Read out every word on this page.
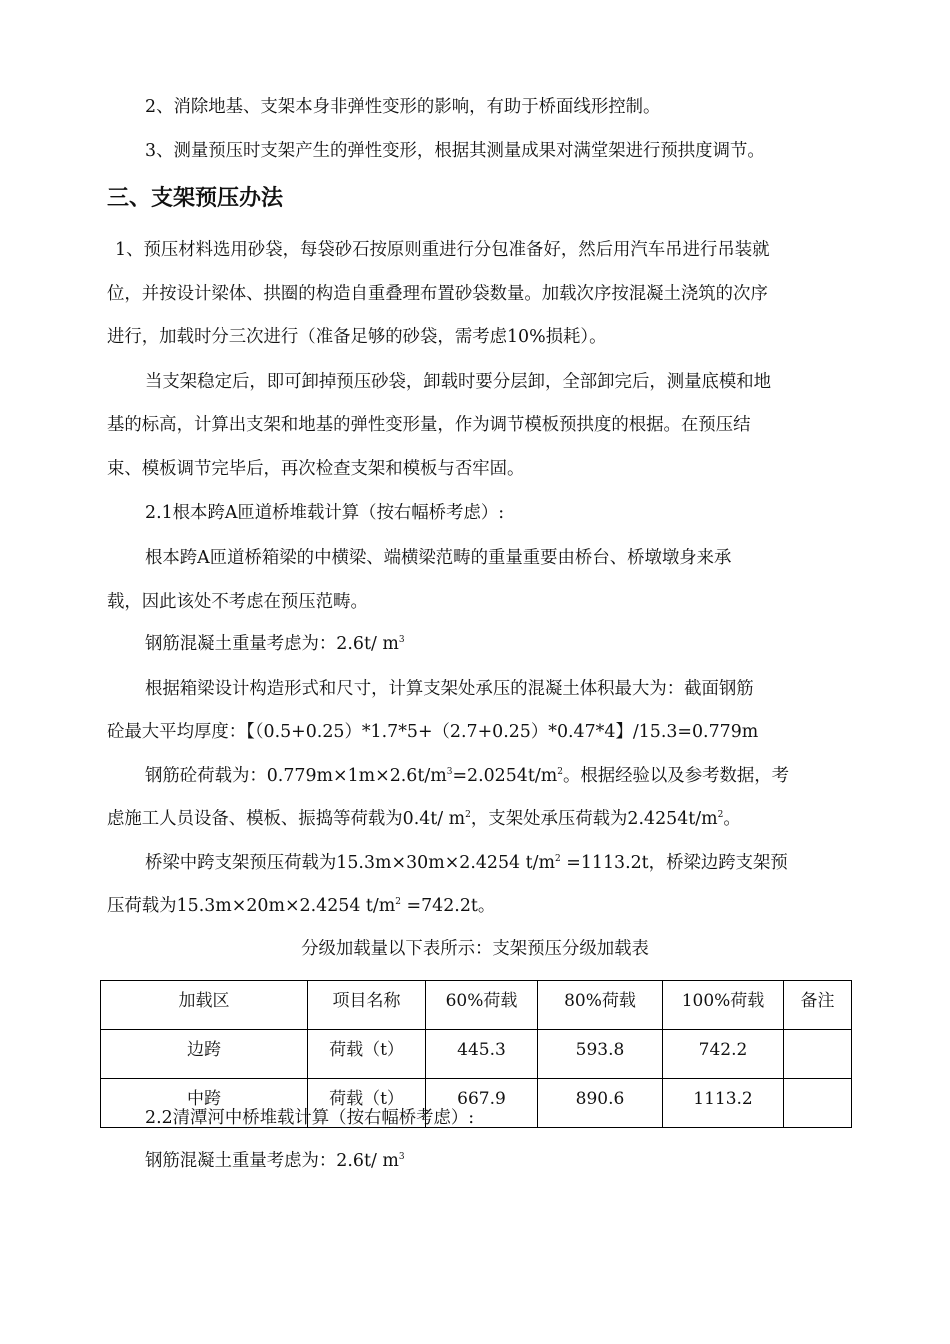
2、消除地基、支架本身非弹性变形的影响，有助于桥面线形控制。
3、测量预压时支架产生的弹性变形，根据其测量成果对满堂架进行预拱度调节。
三、支架预压办法
1、预压材料选用砂袋，每袋砂石按原则重进行分包准备好，然后用汽车吊进行吊装就
位，并按设计梁体、拱圈的构造自重叠理布置砂袋数量。加载次序按混凝土浇筑的次序
进行，加载时分三次进行（准备足够的砂袋，需考虑10%损耗）。
当支架稳定后，即可卸掉预压砂袋，卸载时要分层卸，全部卸完后，测量底模和地
基的标高，计算出支架和地基的弹性变形量，作为调节模板预拱度的根据。在预压结
束、模板调节完毕后，再次检查支架和模板与否牢固。
2.1根本跨A匝道桥堆载计算（按右幅桥考虑）:
根本跨A匝道桥箱梁的中横梁、端横梁范畴的重量重要由桥台、桥墩墩身来承
载，因此该处不考虑在预压范畴。
钢筋混凝土重量考虑为：2.6t/ $m^3$
根据箱梁设计构造形式和尺寸，计算支架处承压的混凝土体积最大为：截面钢筋
砼最大平均厚度：【（0.5+0.25）*1.7*5+（2.7+0.25）*0.47*4】/15.3=0.779m
钢筋砼荷载为：$0.779m\times 1m\times 2.6t/m^3=2.0254t/m^2$。根据经验以及参考数据，考
虑施工人员设备、模板、振捣等荷载为0.4t/ $m^2$，支架处承压荷载为$2.4254t/m^2$。
桥梁中跨支架预压荷载为15.3m×30m×2.4254 $t/m^2 =1113.2t$，桥梁边跨支架预
压荷载为15.3m×20m×2.4254 $t/m^2 =742.2t$。
分级加载量以下表所示：支架预压分级加载表
加载区	项目名称	60%荷载	80%荷载	100%荷载	备注
边跨	荷载（t）	445.3	593.8	742.2	
中跨	荷载（t）	667.9	890.6	1113.2	
2.2清潭河中桥堆载计算（按右幅桥考虑）:
钢筋混凝土重量考虑为：2.6t/ $m^3$
